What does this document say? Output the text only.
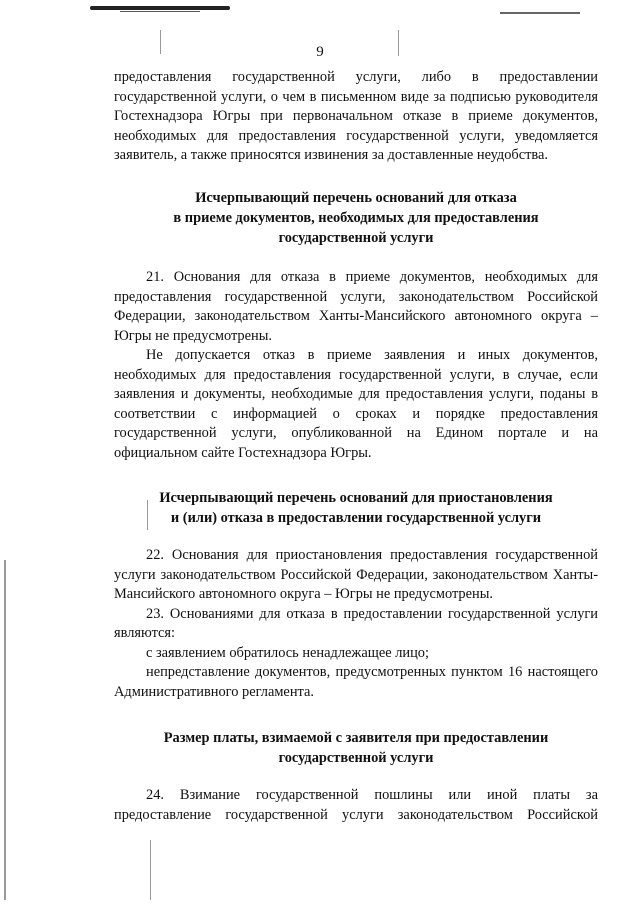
9

предоставления государственной услуги, либо в предоставлении государственной услуги, о чем в письменном виде за подписью руководителя Гостехнадзора Югры при первоначальном отказе в приеме документов, необходимых для предоставления государственной услуги, уведомляется заявитель, а также приносятся извинения за доставленные неудобства.

Исчерпывающий перечень оснований для отказа

в приеме документов, необходимых для предоставления

государственной услуги

21. Основания для отказа в приеме документов, необходимых для предоставления государственной услуги, законодательством Российской Федерации, законодательством Ханты-Мансийского автономного округа – Югры не предусмотрены.

Не допускается отказ в приеме заявления и иных документов, необходимых для предоставления государственной услуги, в случае, если заявления и документы, необходимые для предоставления услуги, поданы в соответствии с информацией о сроках и порядке предоставления государственной услуги, опубликованной на Едином портале и на официальном сайте Гостехнадзора Югры.

Исчерпывающий перечень оснований для приостановления

и (или) отказа в предоставлении государственной услуги

22. Основания для приостановления предоставления государственной услуги законодательством Российской Федерации, законодательством Ханты-Мансийского автономного округа – Югры не предусмотрены.

23. Основаниями для отказа в предоставлении государственной услуги являются:

с заявлением обратилось ненадлежащее лицо;

непредставление документов, предусмотренных пунктом 16 настоящего Административного регламента.

Размер платы, взимаемой с заявителя при предоставлении

государственной услуги

24. Взимание государственной пошлины или иной платы за предоставление государственной услуги законодательством Российской
